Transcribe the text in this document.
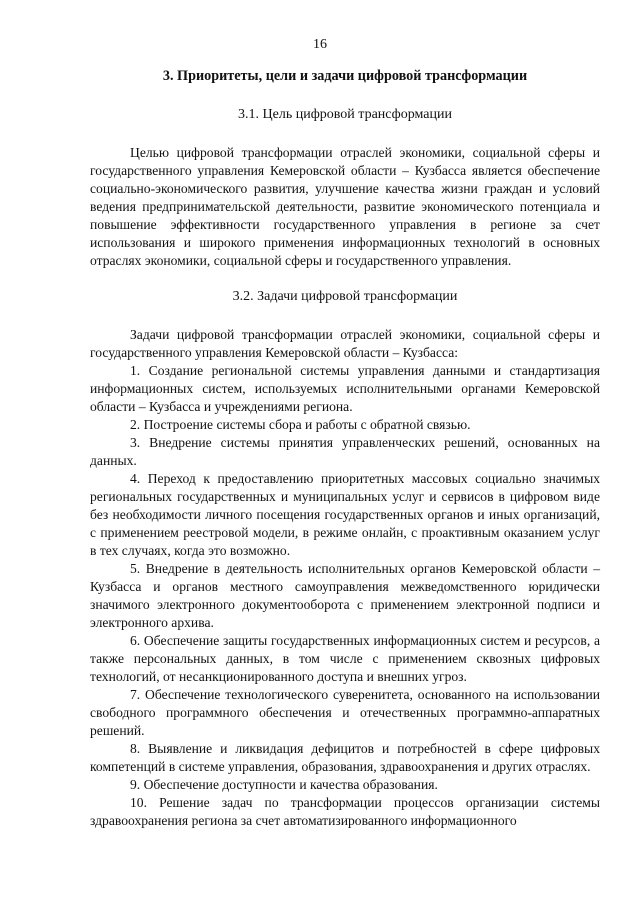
16
3. Приоритеты, цели и задачи цифровой трансформации
3.1. Цель цифровой трансформации

Целью цифровой трансформации отраслей экономики, социальной сферы и государственного управления Кемеровской области – Кузбасса является обеспечение социально-экономического развития, улучшение качества жизни граждан и условий ведения предпринимательской деятельности, развитие экономического потенциала и повышение эффективности государственного управления в регионе за счет использования и широкого применения информационных технологий в основных отраслях экономики, социальной сферы и государственного управления.

3.2. Задачи цифровой трансформации

Задачи цифровой трансформации отраслей экономики, социальной сферы и государственного управления Кемеровской области – Кузбасса:

1. Создание региональной системы управления данными и стандартизация информационных систем, используемых исполнительными органами Кемеровской области – Кузбасса и учреждениями региона.

2. Построение системы сбора и работы с обратной связью.

3. Внедрение системы принятия управленческих решений, основанных на данных.

4. Переход к предоставлению приоритетных массовых социально значимых региональных государственных и муниципальных услуг и сервисов в цифровом виде без необходимости личного посещения государственных органов и иных организаций, с применением реестровой модели, в режиме онлайн, с проактивным оказанием услуг в тех случаях, когда это возможно.

5. Внедрение в деятельность исполнительных органов Кемеровской области – Кузбасса и органов местного самоуправления межведомственного юридически значимого электронного документооборота с применением электронной подписи и электронного архива.

6. Обеспечение защиты государственных информационных систем и ресурсов, а также персональных данных, в том числе с применением сквозных цифровых технологий, от несанкционированного доступа и внешних угроз.

7. Обеспечение технологического суверенитета, основанного на использовании свободного программного обеспечения и отечественных программно-аппаратных решений.

8. Выявление и ликвидация дефицитов и потребностей в сфере цифровых компетенций в системе управления, образования, здравоохранения и других отраслях.

9. Обеспечение доступности и качества образования.

10. Решение задач по трансформации процессов организации системы здравоохранения региона за счет автоматизированного информационного
